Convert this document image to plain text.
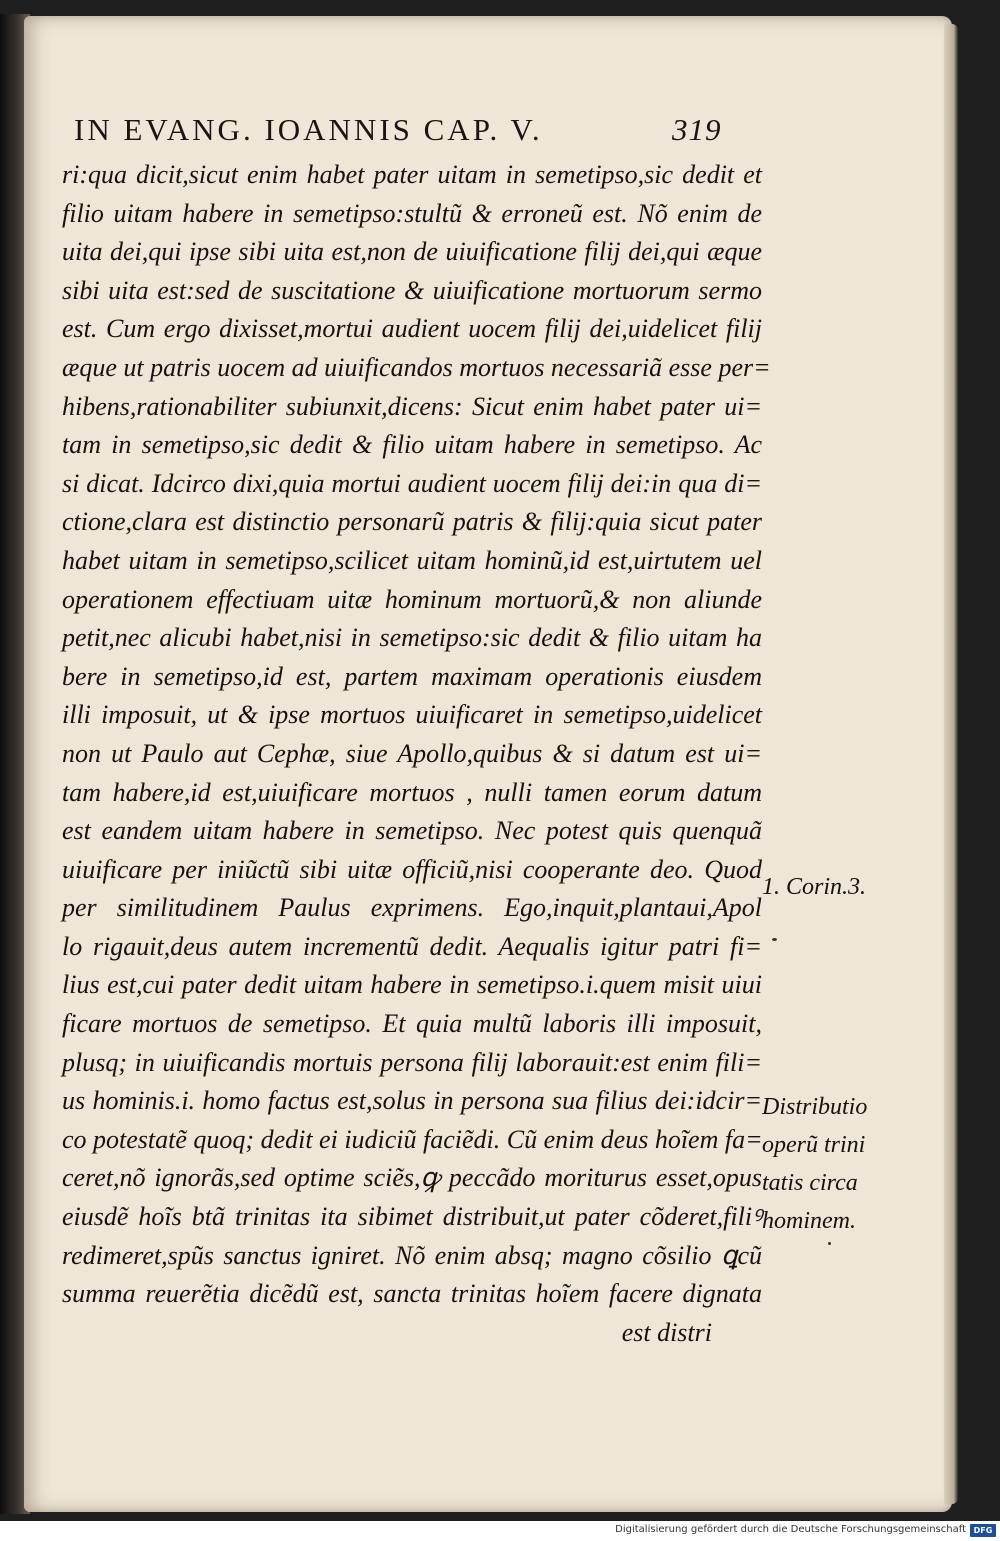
IN EVANG. IOANNIS CAP. V.	319
ri:qua dicit,sicut enim habet pater uitam in semetipso,sic dedit et
filio uitam habere in semetipso:stultũ & erroneũ est. Nõ enim de
uita dei,qui ipse sibi uita est,non de uiuificatione filij dei,qui æque
sibi uita est:sed de suscitatione & uiuificatione mortuorum sermo
est. Cum ergo dixisset,mortui audient uocem filij dei,uidelicet filij
æque ut patris uocem ad uiuificandos mortuos necessariã esse per=
hibens,rationabiliter subiunxit,dicens: Sicut enim habet pater ui=
tam in semetipso,sic dedit & filio uitam habere in semetipso. Ac
si dicat. Idcirco dixi,quia mortui audient uocem filij dei:in qua di=
ctione,clara est distinctio personarũ patris & filij:quia sicut pater
habet uitam in semetipso,scilicet uitam hominũ,id est,uirtutem uel
operationem effectiuam uitæ hominum mortuorũ,& non aliunde
petit,nec alicubi habet,nisi in semetipso:sic dedit & filio uitam ha
bere in semetipso,id est, partem maximam operationis eiusdem
illi imposuit, ut & ipse mortuos uiuificaret in semetipso,uidelicet
non ut Paulo aut Cephæ, siue Apollo,quibus & si datum est ui=
tam habere,id est,uiuificare mortuos , nulli tamen eorum datum
est eandem uitam habere in semetipso. Nec potest quis quenquã
uiuificare per iniũctũ sibi uitæ officiũ,nisi cooperante deo. Quod
per similitudinem Paulus exprimens. Ego,inquit,plantaui,Apol
lo rigauit,deus autem incrementũ dedit. Aequalis igitur patri fi=
lius est,cui pater dedit uitam habere in semetipso.i.quem misit uiui
ficare mortuos de semetipso. Et quia multũ laboris illi imposuit,
plusq; in uiuificandis mortuis persona filij laborauit:est enim fili=
us hominis.i. homo factus est,solus in persona sua filius dei:idcir=
co potestatẽ quoq; dedit ei iudiciũ faciẽdi. Cũ enim deus hoĩem fa=
ceret,nõ ignorãs,sed optime sciẽs,ꝙ peccãdo moriturus esset,opus
eiusdẽ hoĩs btã trinitas ita sibimet distribuit,ut pater cõderet,filiꝰ
redimeret,spũs sanctus igniret. Nõ enim absq; magno cõsilio ꝗcũ
summa reuerẽtia dicẽdũ est, sancta trinitas hoĩem facere dignata
est distri
1. Corin.3.
Distributio
operũ trini
tatis circa
hominem.
Digitalisierung gefördert durch die Deutsche Forschungsgemeinschaft DFG
